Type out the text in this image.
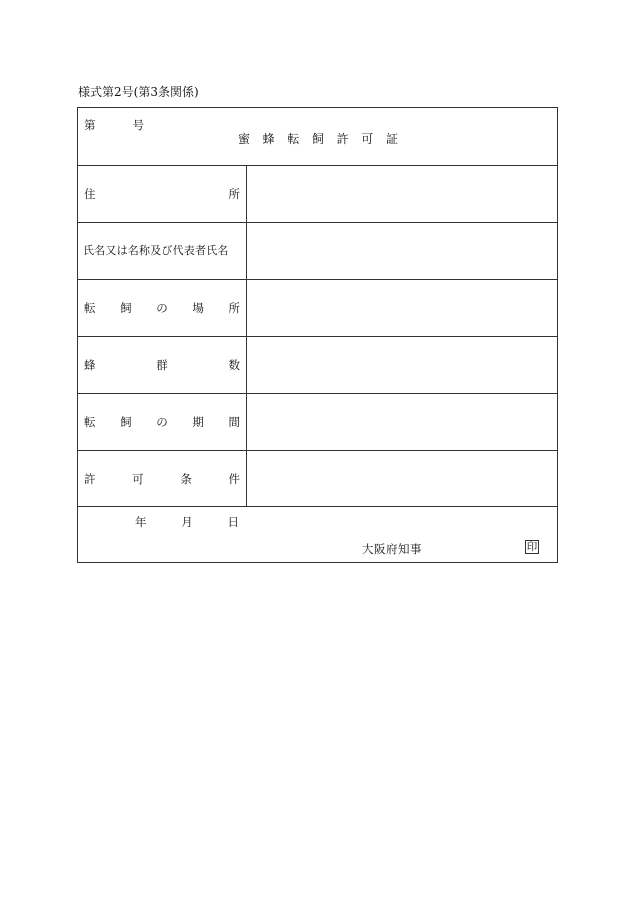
様式第2号(第3条関係)
第	号
蜜 蜂 転 飼 許 可 証
住	所
氏名又は名称及び代表者氏名
転 飼 の 場 所
蜂	群	数
転 飼 の 期 間
許	可	条	件
年	月	日
大阪府知事	印
